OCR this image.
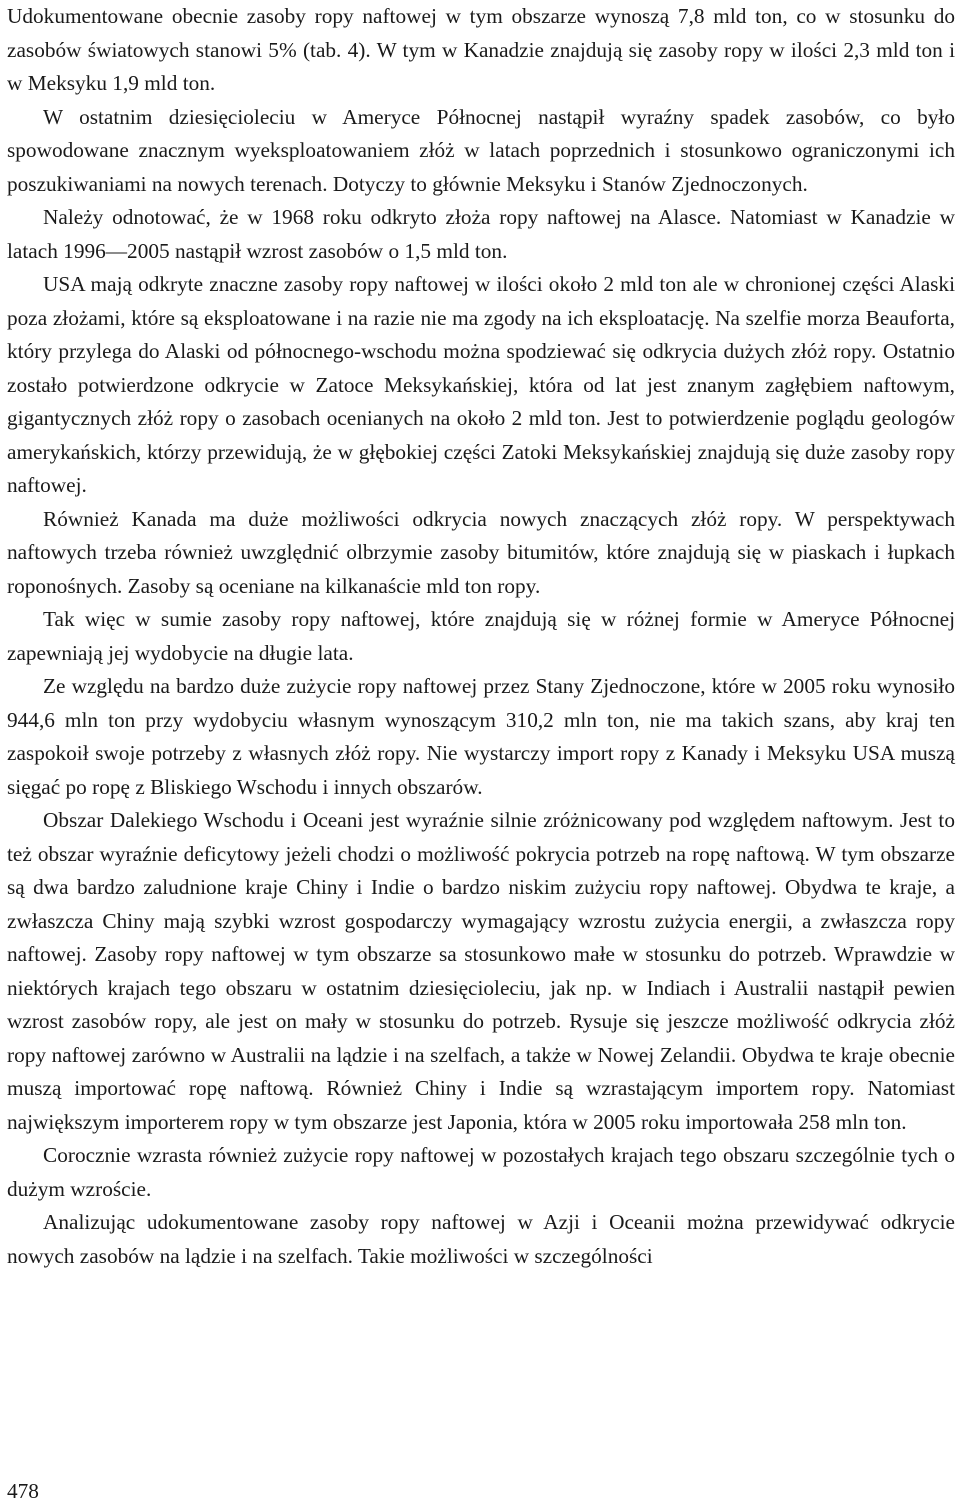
Udokumentowane obecnie zasoby ropy naftowej w tym obszarze wynoszą 7,8 mld ton, co w stosunku do zasobów światowych stanowi 5% (tab. 4). W tym w Kanadzie znajdują się zasoby ropy w ilości 2,3 mld ton i w Meksyku 1,9 mld ton.

W ostatnim dziesięcioleciu w Ameryce Północnej nastąpił wyraźny spadek zasobów, co było spowodowane znacznym wyeksploatowaniem złóż w latach poprzednich i stosunkowo ograniczonymi ich poszukiwaniami na nowych terenach. Dotyczy to głównie Meksyku i Stanów Zjednoczonych.

Należy odnotować, że w 1968 roku odkryto złoża ropy naftowej na Alasce. Natomiast w Kanadzie w latach 1996—2005 nastąpił wzrost zasobów o 1,5 mld ton.

USA mają odkryte znaczne zasoby ropy naftowej w ilości około 2 mld ton ale w chronionej części Alaski poza złożami, które są eksploatowane i na razie nie ma zgody na ich eksploatację. Na szelfie morza Beauforta, który przylega do Alaski od północnego-wschodu można spodziewać się odkrycia dużych złóż ropy. Ostatnio zostało potwierdzone odkrycie w Zatoce Meksykańskiej, która od lat jest znanym zagłębiem naftowym, gigantycznych złóż ropy o zasobach ocenianych na około 2 mld ton. Jest to potwierdzenie poglądu geologów amerykańskich, którzy przewidują, że w głębokiej części Zatoki Meksykańskiej znajdują się duże zasoby ropy naftowej.

Również Kanada ma duże możliwości odkrycia nowych znaczących złóż ropy. W perspektywach naftowych trzeba również uwzględnić olbrzymie zasoby bitumitów, które znajdują się w piaskach i łupkach roponośnych. Zasoby są oceniane na kilkanaście mld ton ropy.

Tak więc w sumie zasoby ropy naftowej, które znajdują się w różnej formie w Ameryce Północnej zapewniają jej wydobycie na długie lata.

Ze względu na bardzo duże zużycie ropy naftowej przez Stany Zjednoczone, które w 2005 roku wynosiło 944,6 mln ton przy wydobyciu własnym wynoszącym 310,2 mln ton, nie ma takich szans, aby kraj ten zaspokoił swoje potrzeby z własnych złóż ropy. Nie wystarczy import ropy z Kanady i Meksyku USA muszą sięgać po ropę z Bliskiego Wschodu i innych obszarów.

Obszar Dalekiego Wschodu i Oceani jest wyraźnie silnie zróżnicowany pod względem naftowym. Jest to też obszar wyraźnie deficytowy jeżeli chodzi o możliwość pokrycia potrzeb na ropę naftową. W tym obszarze są dwa bardzo zaludnione kraje Chiny i Indie o bardzo niskim zużyciu ropy naftowej. Obydwa te kraje, a zwłaszcza Chiny mają szybki wzrost gospodarczy wymagający wzrostu zużycia energii, a zwłaszcza ropy naftowej. Zasoby ropy naftowej w tym obszarze sa stosunkowo małe w stosunku do potrzeb. Wprawdzie w niektórych krajach tego obszaru w ostatnim dziesięcioleciu, jak np. w Indiach i Australii nastąpił pewien wzrost zasobów ropy, ale jest on mały w stosunku do potrzeb. Rysuje się jeszcze możliwość odkrycia złóż ropy naftowej zarówno w Australii na lądzie i na szelfach, a także w Nowej Zelandii. Obydwa te kraje obecnie muszą importować ropę naftową. Również Chiny i Indie są wzrastającym importem ropy. Natomiast największym importerem ropy w tym obszarze jest Japonia, która w 2005 roku importowała 258 mln ton.

Corocznie wzrasta również zużycie ropy naftowej w pozostałych krajach tego obszaru szczególnie tych o dużym wzroście.

Analizując udokumentowane zasoby ropy naftowej w Azji i Oceanii można przewidywać odkrycie nowych zasobów na lądzie i na szelfach. Takie możliwości w szczególności

478
